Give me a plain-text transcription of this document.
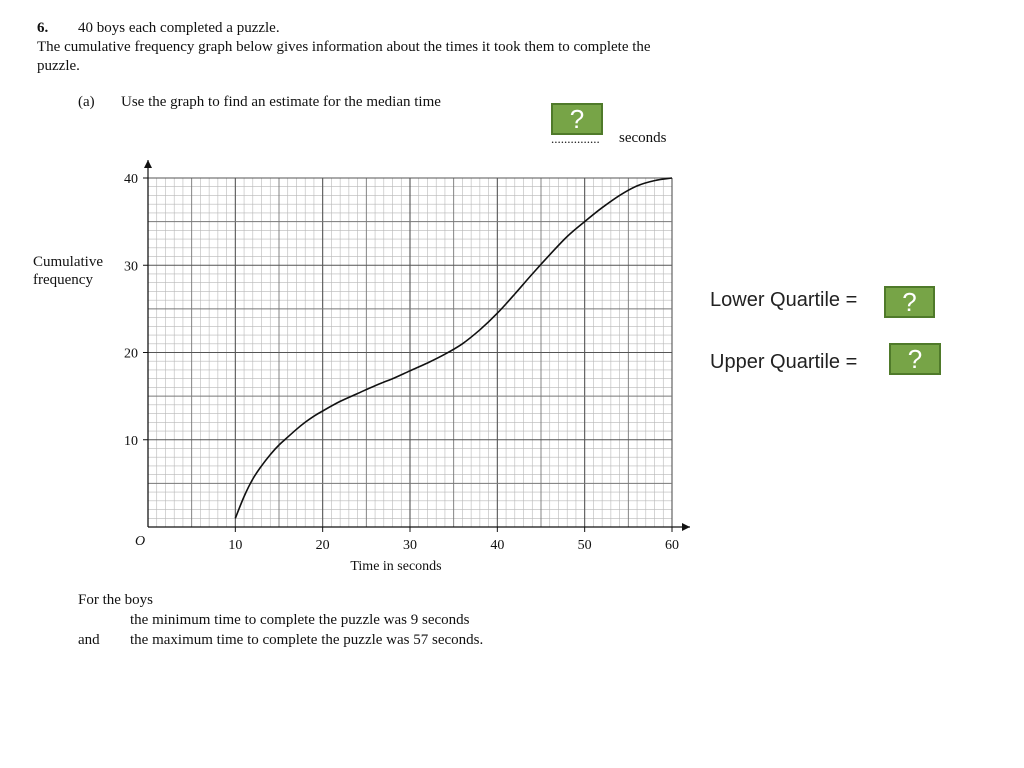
6. 40 boys each completed a puzzle.
The cumulative frequency graph below gives information about the times it took them to complete the
puzzle.
(a) Use the graph to find an estimate for the median time
?
............... seconds
Lower Quartile =	?
Upper Quartile =	?
Cumulative
frequency
10	20	30	40	50	60
10
20
30
40
O
Time in seconds
For the boys
the minimum time to complete the puzzle was 9 seconds
and the maximum time to complete the puzzle was 57 seconds.
